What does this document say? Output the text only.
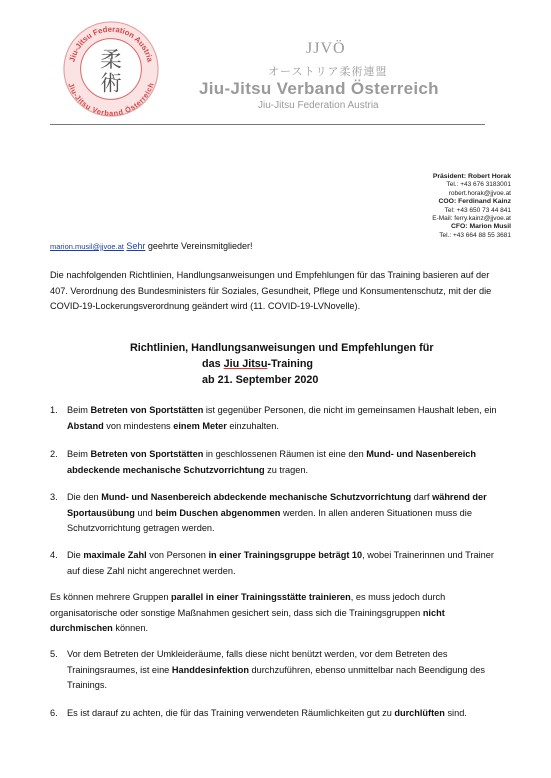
Jiu-Jitsu Federation Austria
Jiu-Jitsu Verband Österreich
柔
術
JJVÖ
オーストリア柔術連盟
Jiu-Jitsu Verband Österreich
Jiu-Jitsu Federation Austria
Präsident: Robert Horak
Tel.: +43 676 3183001
robert.horak@jjvoe.at
COO: Ferdinand Kainz
Tel: +43 650 73 44 841
E-Mail: ferry.kainz@jjvoe.at
CFO: Marion Musil
Tel.: +43 664 88 55 3681
marion.musil@jjvoe.at Sehr geehrte Vereinsmitglieder!
Die nachfolgenden Richtlinien, Handlungsanweisungen und Empfehlungen für das Training basieren auf der 407. Verordnung des Bundesministers für Soziales, Gesundheit, Pflege und Konsumentenschutz, mit der die COVID-19-Lockerungsverordnung geändert wird (11. COVID-19-LVNovelle).
Richtlinien, Handlungsanweisungen und Empfehlungen für
das Jiu Jitsu-Training
ab 21. September 2020
1. Beim Betreten von Sportstätten ist gegenüber Personen, die nicht im gemeinsamen Haushalt leben, ein Abstand von mindestens einem Meter einzuhalten.
2. Beim Betreten von Sportstätten in geschlossenen Räumen ist eine den Mund- und Nasenbereich abdeckende mechanische Schutzvorrichtung zu tragen.
3. Die den Mund- und Nasenbereich abdeckende mechanische Schutzvorrichtung darf während der Sportausübung und beim Duschen abgenommen werden. In allen anderen Situationen muss die Schutzvorrichtung getragen werden.
4. Die maximale Zahl von Personen in einer Trainingsgruppe beträgt 10, wobei Trainerinnen und Trainer auf diese Zahl nicht angerechnet werden.
Es können mehrere Gruppen parallel in einer Trainingsstätte trainieren, es muss jedoch durch organisatorische oder sonstige Maßnahmen gesichert sein, dass sich die Trainingsgruppen nicht durchmischen können.
5. Vor dem Betreten der Umkleideräume, falls diese nicht benützt werden, vor dem Betreten des Trainingsraumes, ist eine Handdesinfektion durchzuführen, ebenso unmittelbar nach Beendigung des Trainings.
6. Es ist darauf zu achten, die für das Training verwendeten Räumlichkeiten gut zu durchlüften sind.
